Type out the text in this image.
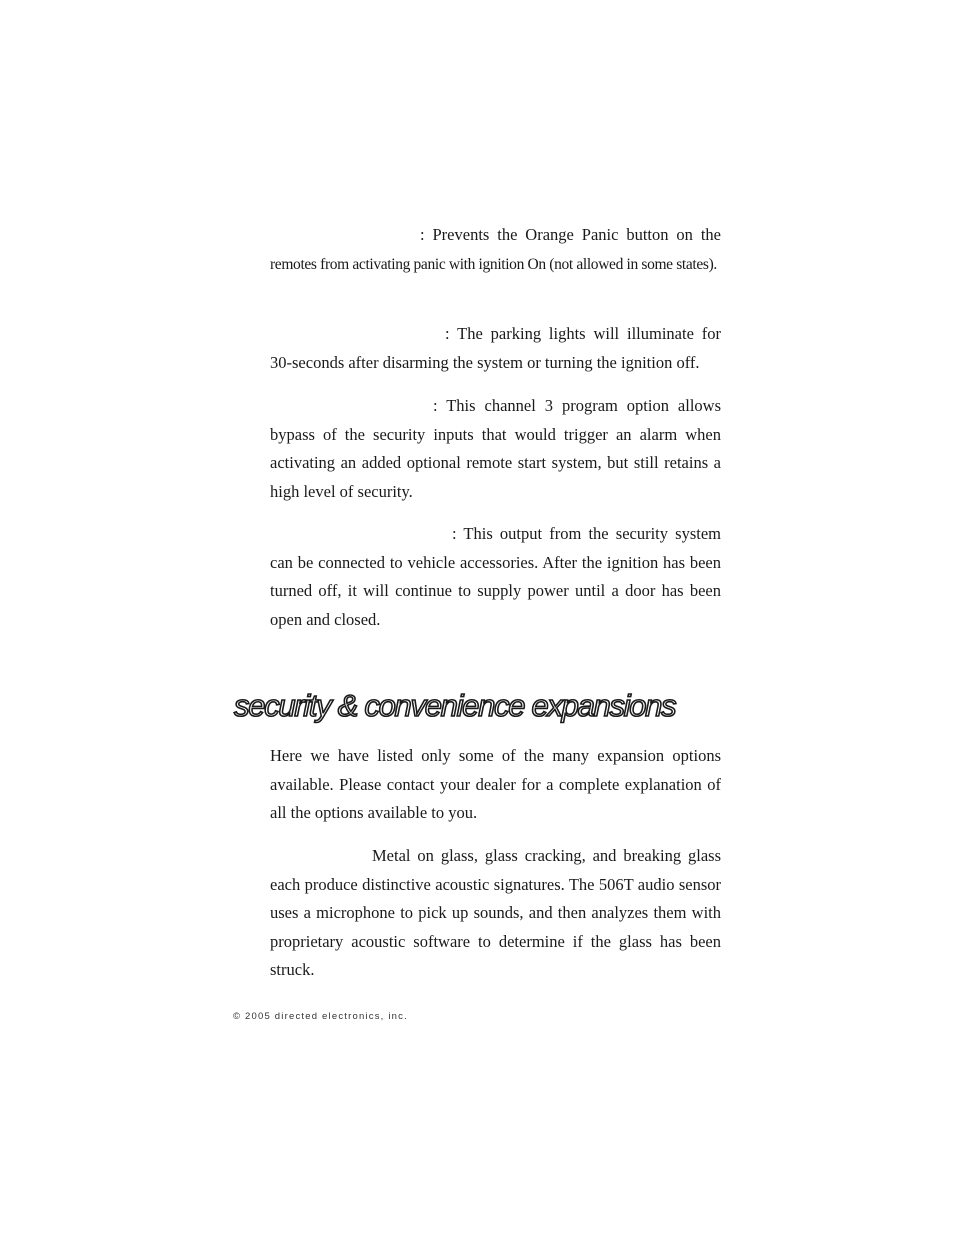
: Prevents the Orange Panic button on the remotes from activating panic with ignition On (not allowed in some states).

: The parking lights will illuminate for 30-seconds after disarming the system or turning the ignition off.

: This channel 3 program option allows bypass of the security inputs that would trigger an alarm when activating an added optional remote start system, but still retains a high level of security.

: This output from the security system can be connected to vehicle accessories. After the ignition has been turned off, it will continue to supply power until a door has been open and closed.

security & convenience expansions

Here we have listed only some of the many expansion options available. Please contact your dealer for a complete explanation of all the options available to you.

Metal on glass, glass cracking, and breaking glass each produce distinctive acoustic signatures. The 506T audio sensor uses a microphone to pick up sounds, and then analyzes them with proprietary acoustic software to determine if the glass has been struck.

© 2005 directed electronics, inc.
